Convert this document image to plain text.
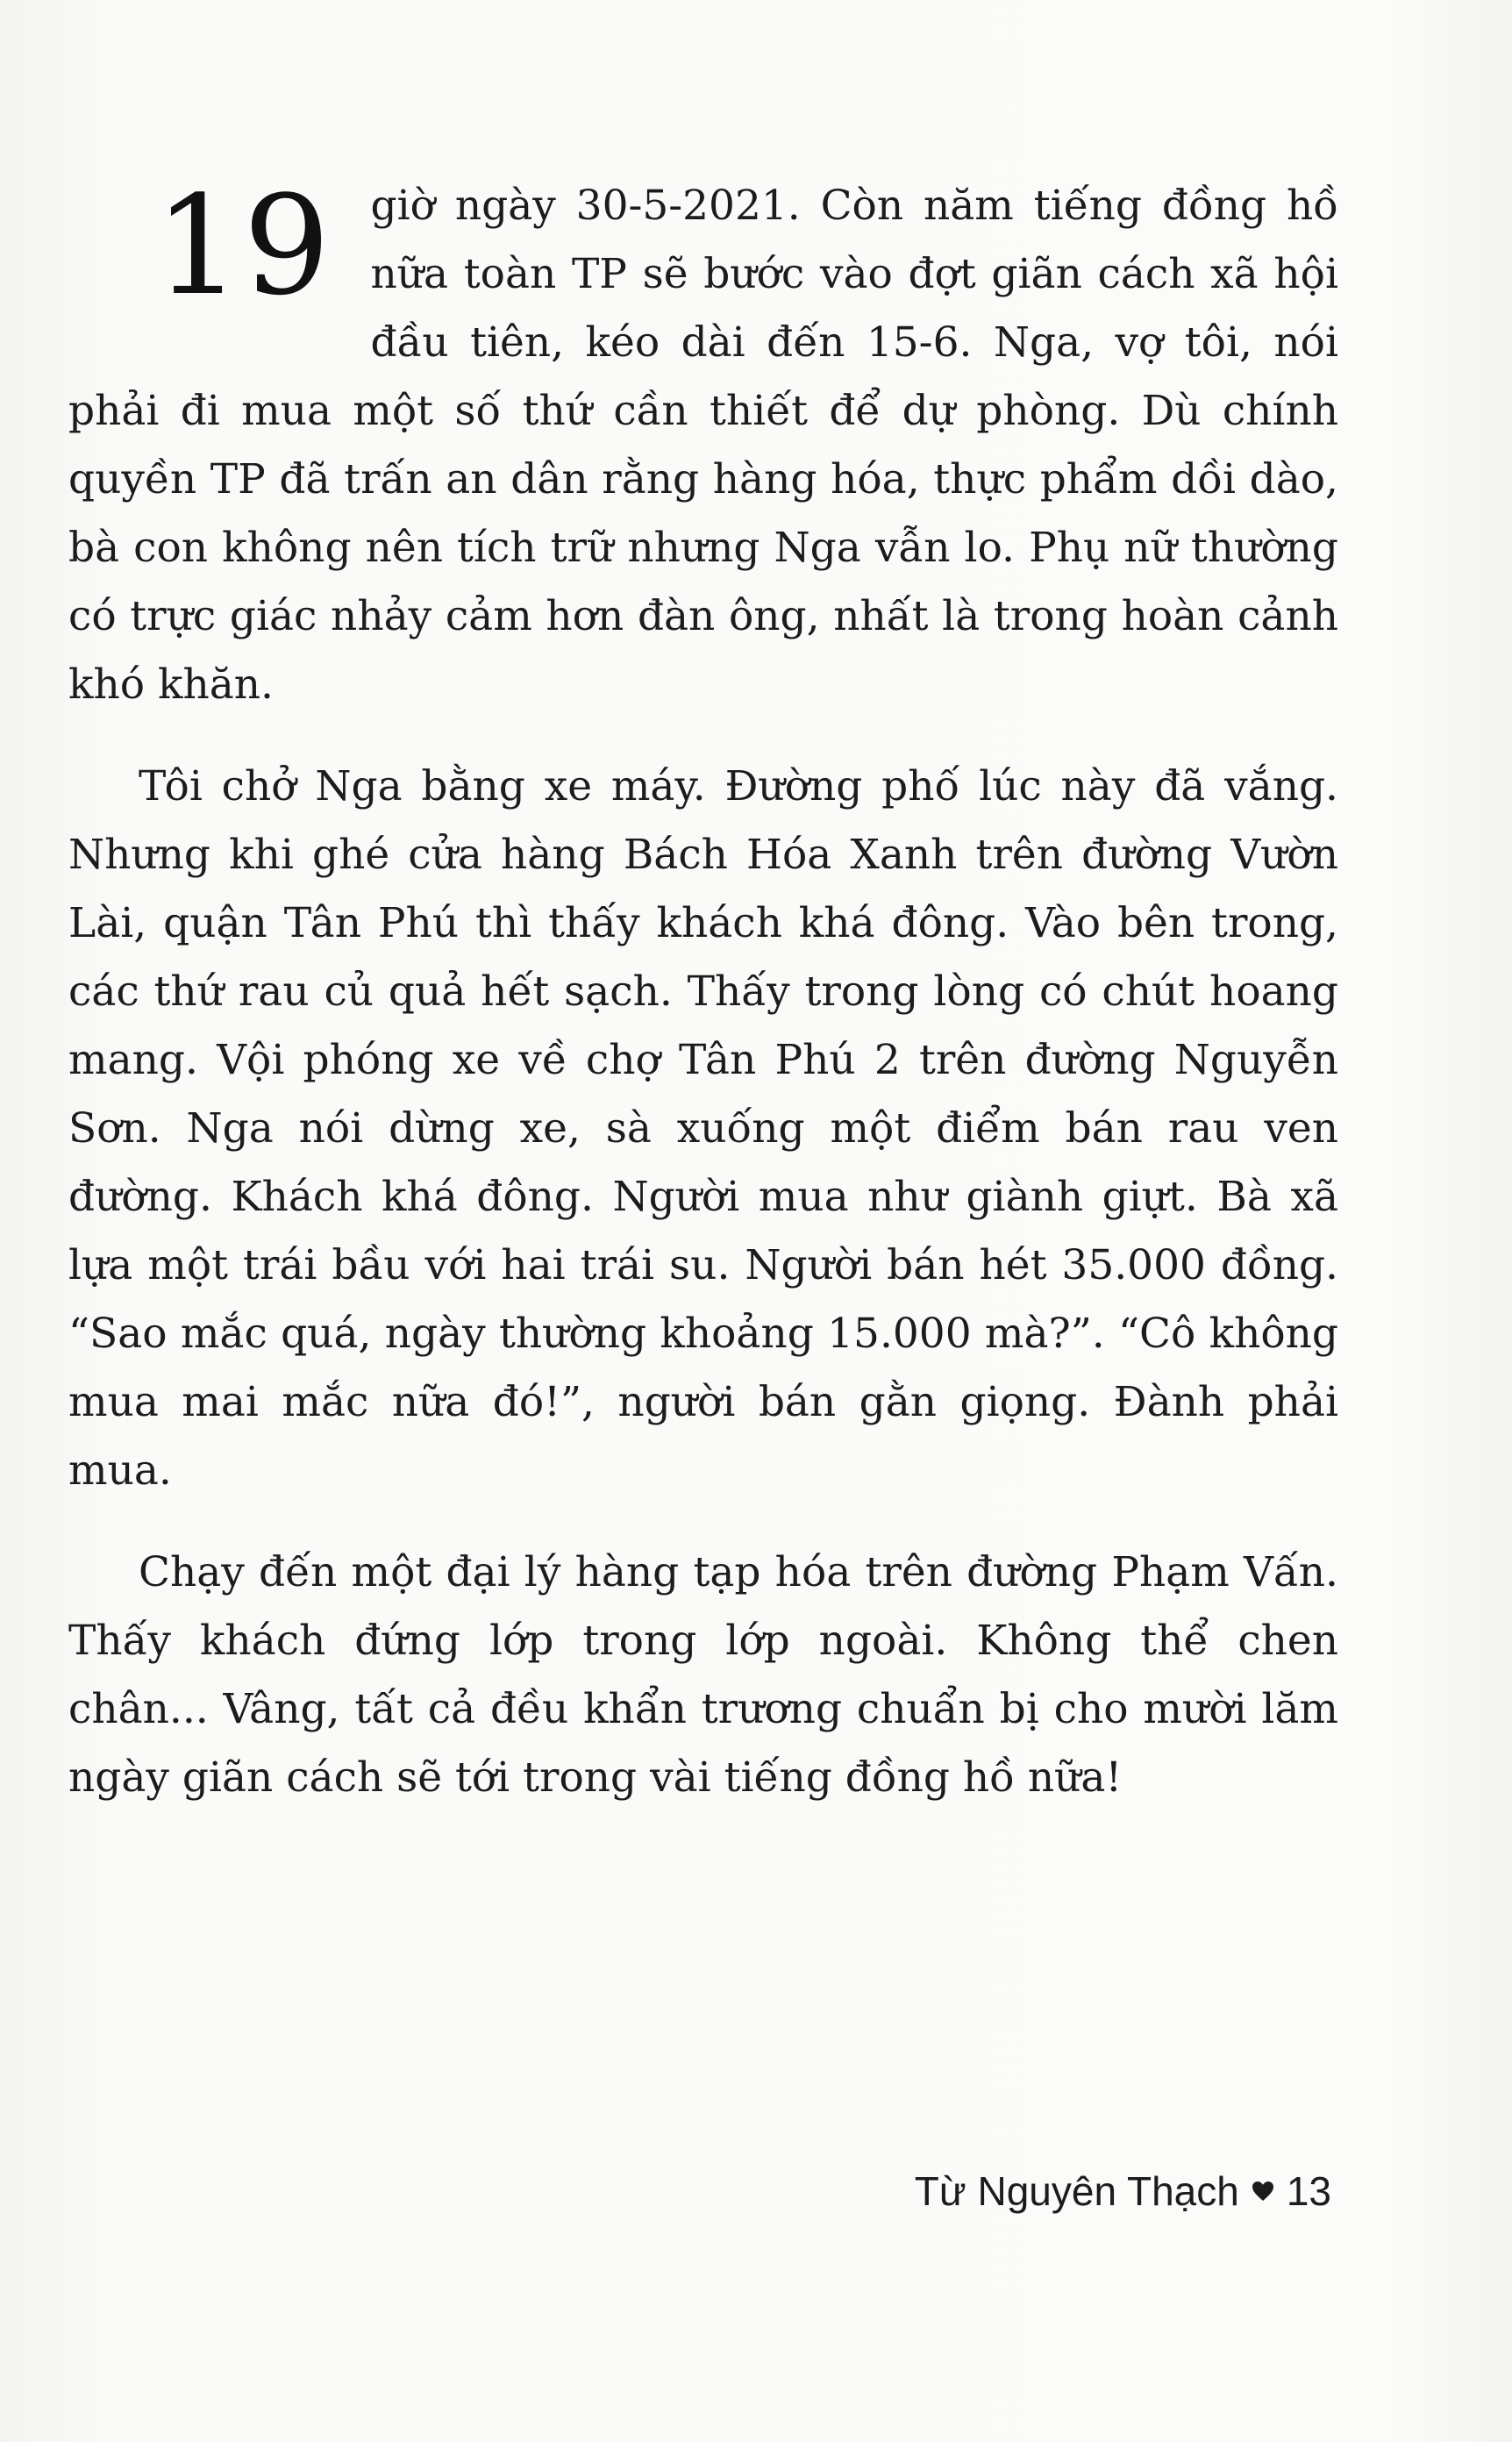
19 giờ ngày 30-5-2021. Còn năm tiếng đồng hồ nữa toàn TP sẽ bước vào đợt giãn cách xã hội đầu tiên, kéo dài đến 15-6. Nga, vợ tôi, nói phải đi mua một số thứ cần thiết để dự phòng. Dù chính quyền TP đã trấn an dân rằng hàng hóa, thực phẩm dồi dào, bà con không nên tích trữ nhưng Nga vẫn lo. Phụ nữ thường có trực giác nhảy cảm hơn đàn ông, nhất là trong hoàn cảnh khó khăn.

Tôi chở Nga bằng xe máy. Đường phố lúc này đã vắng. Nhưng khi ghé cửa hàng Bách Hóa Xanh trên đường Vườn Lài, quận Tân Phú thì thấy khách khá đông. Vào bên trong, các thứ rau củ quả hết sạch. Thấy trong lòng có chút hoang mang. Vội phóng xe về chợ Tân Phú 2 trên đường Nguyễn Sơn. Nga nói dừng xe, sà xuống một điểm bán rau ven đường. Khách khá đông. Người mua như giành giựt. Bà xã lựa một trái bầu với hai trái su. Người bán hét 35.000 đồng. “Sao mắc quá, ngày thường khoảng 15.000 mà?”. “Cô không mua mai mắc nữa đó!”, người bán gằn giọng. Đành phải mua.

Chạy đến một đại lý hàng tạp hóa trên đường Phạm Vấn. Thấy khách đứng lớp trong lớp ngoài. Không thể chen chân... Vâng, tất cả đều khẩn trương chuẩn bị cho mười lăm ngày giãn cách sẽ tới trong vài tiếng đồng hồ nữa!

Từ Nguyên Thạch 13
